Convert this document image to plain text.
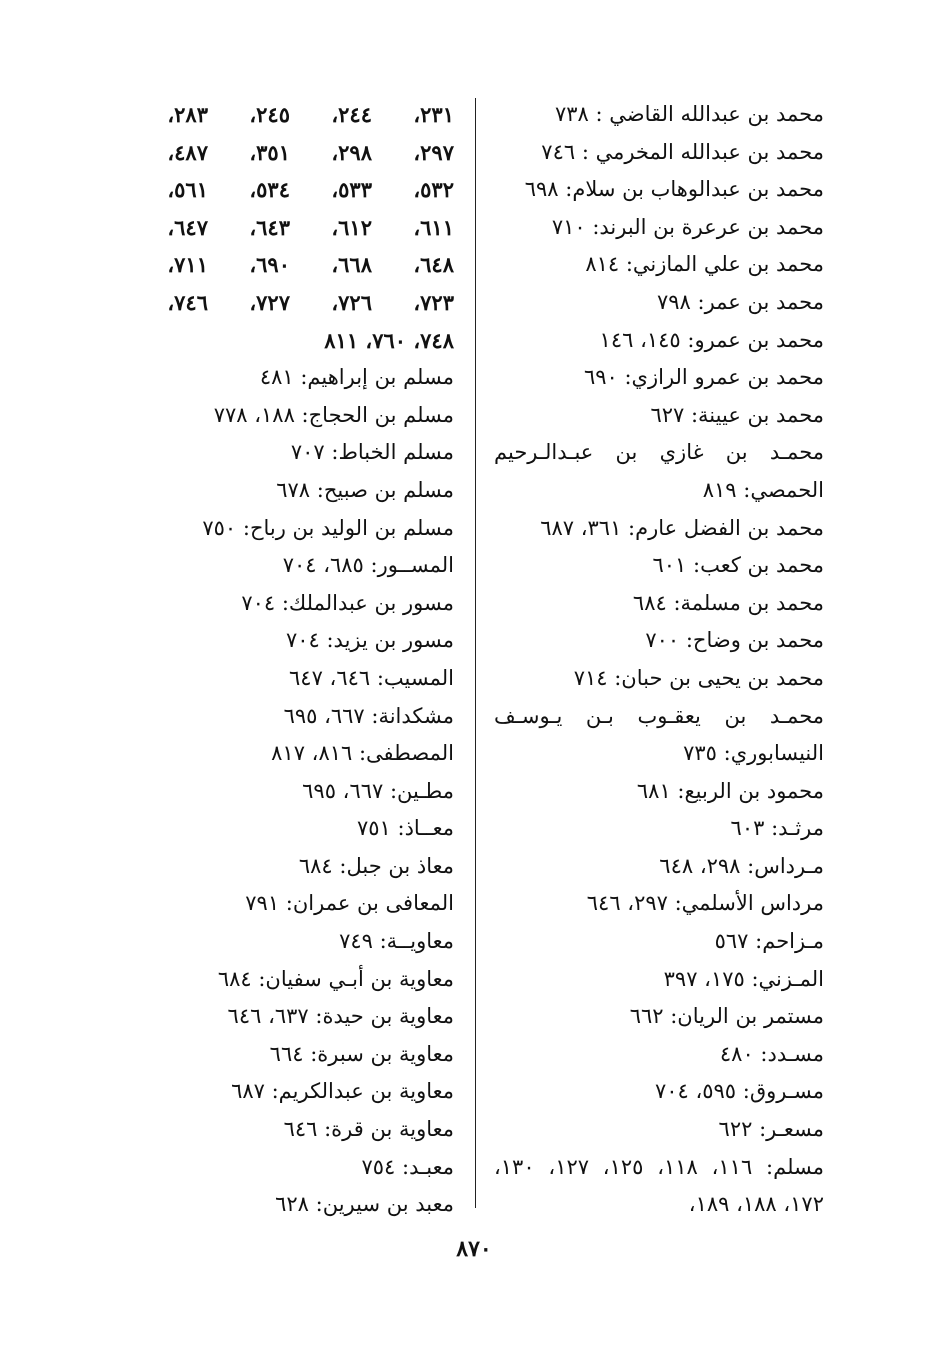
محمد بن عبدالله القاضي : ٧٣٨
محمد بن عبدالله المخرمي : ٧٤٦
محمد بن عبدالوهاب بن سلام: ٦٩٨
محمد بن عرعرة بن البرند: ٧١٠
محمد بن علي المازني: ٨١٤
محمد بن عمر: ٧٩٨
محمد بن عمرو: ١٤٥، ١٤٦
محمد بن عمرو الرازي: ٦٩٠
محمد بن عيينة: ٦٢٧
محمـد بن غازي بن عبـدالـرحيم الحمصي: ٨١٩
محمد بن الفضل عارم: ٣٦١، ٦٨٧
محمد بن كعب: ٦٠١
محمد بن مسلمة: ٦٨٤
محمد بن وضاح: ٧٠٠
محمد بن يحيى بن حبان: ٧١٤
محمـد بن يعقـوب بـن يـوسـف النيسابوري: ٧٣٥
محمود بن الربيع: ٦٨١
مرثـد: ٦٠٣
مـرداس: ٢٩٨، ٦٤٨
مرداس الأسلمي: ٢٩٧، ٦٤٦
مـزاحم: ٥٦٧
المـزني: ١٧٥، ٣٩٧
مستمر بن الريان: ٦٦٢
مسـدد: ٤٨٠
مسـروق: ٥٩٥، ٧٠٤
مسعـر: ٦٢٢
مسلم: ١١٦، ١١٨، ١٢٥، ١٢٧، ١٣٠، ١٧٢، ١٨٨، ١٨٩،
٢٣١،
٢٤٤،
٢٤٥،
٢٨٣،
٢٩٧،
٢٩٨،
٣٥١،
٤٨٧،
٥٣٢،
٥٣٣،
٥٣٤،
٥٦١،
٦١١،
٦١٢،
٦٤٣،
٦٤٧،
٦٤٨،
٦٦٨،
٦٩٠،
٧١١،
٧٢٣،
٧٢٦،
٧٢٧،
٧٤٦،
٧٤٨، ٧٦٠، ٨١١
مسلم بن إبراهيم: ٤٨١
مسلم بن الحجاج: ١٨٨، ٧٧٨
مسلم الخباط: ٧٠٧
مسلم بن صبيح: ٦٧٨
مسلم بن الوليد بن رباح: ٧٥٠
المســور: ٦٨٥، ٧٠٤
مسور بن عبدالملك: ٧٠٤
مسور بن يزيد: ٧٠٤
المسيب: ٦٤٦، ٦٤٧
مشكدانة: ٦٦٧، ٦٩٥
المصطفى: ٨١٦، ٨١٧
مطـين: ٦٦٧، ٦٩٥
معــاذ: ٧٥١
معاذ بن جبل: ٦٨٤
المعافى بن عمران: ٧٩١
معاويــة: ٧٤٩
معاوية بن أبـي سفيان: ٦٨٤
معاوية بن حيدة: ٦٣٧، ٦٤٦
معاوية بن سبرة: ٦٦٤
معاوية بن عبدالكريم: ٦٨٧
معاوية بن قرة: ٦٤٦
معبـد: ٧٥٤
معبد بن سيرين: ٦٢٨
٨٧٠
